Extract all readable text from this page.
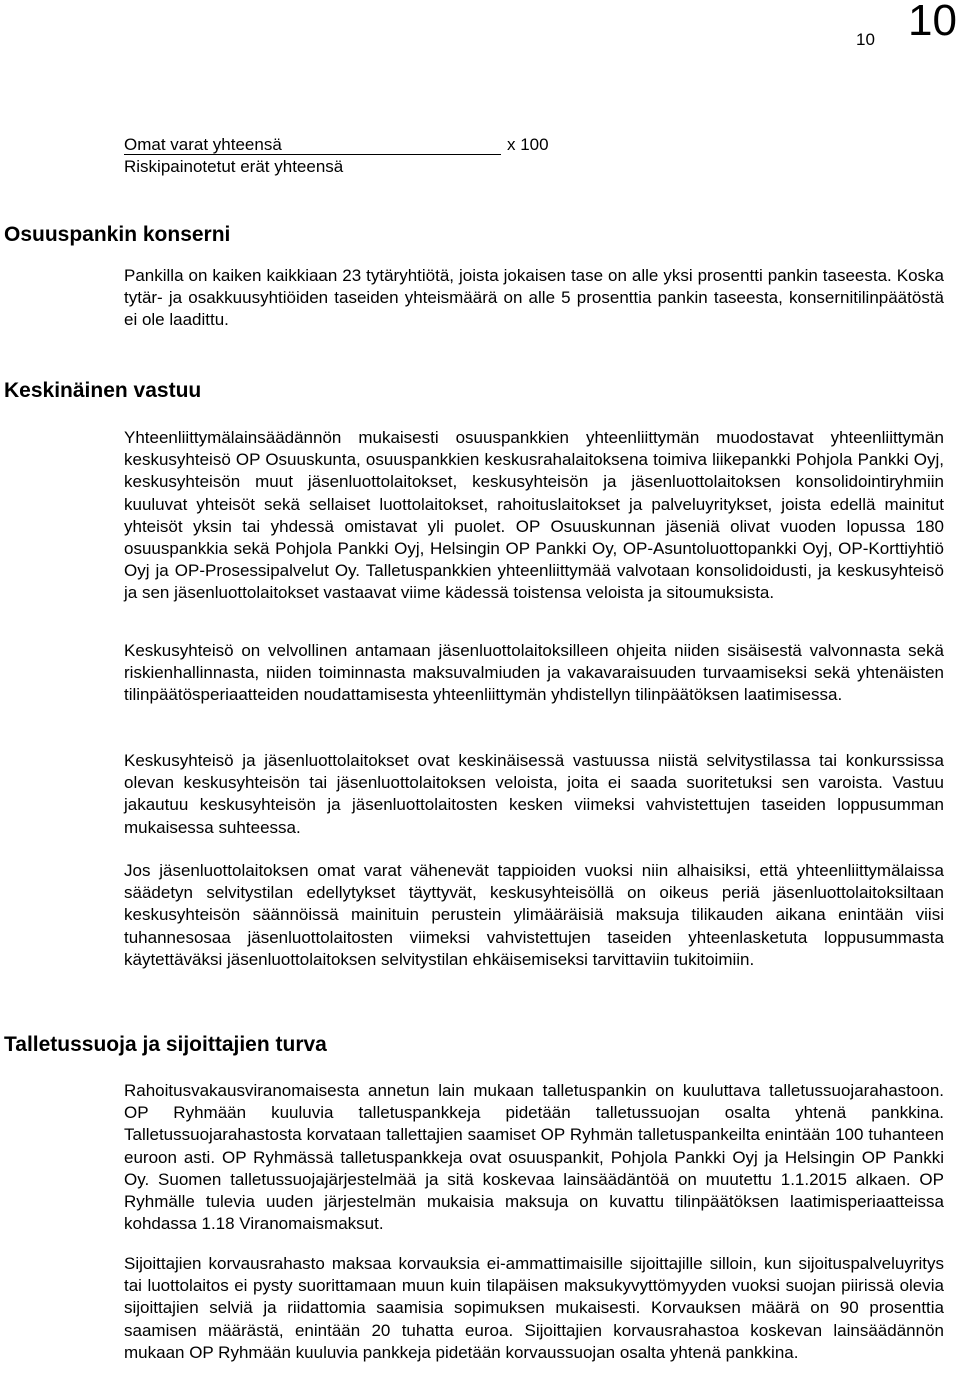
10 10
Omat varat yhteensä	x 100
Riskipainotetut erät yhteensä
Osuuspankin konserni

Pankilla on kaiken kaikkiaan 23 tytäryhtiötä, joista jokaisen tase on alle yksi prosentti pankin taseesta. Koska tytär- ja osakkuusyhtiöiden taseiden yhteismäärä on alle 5 prosenttia pankin taseesta, konsernitilinpäätöstä ei ole laadittu.

Keskinäinen vastuu

Yhteenliittymälainsäädännön mukaisesti osuuspankkien yhteenliittymän muodostavat yhteenliittymän keskusyhteisö OP Osuuskunta, osuuspankkien keskusrahalaitoksena toimiva liikepankki Pohjola Pankki Oyj, keskusyhteisön muut jäsenluottolaitokset, keskusyhteisön ja jäsenluottolaitoksen konsolidointiryhmiin kuuluvat yhteisöt sekä sellaiset luottolaitokset, rahoituslaitokset ja palveluyritykset, joista edellä mainitut yhteisöt yksin tai yhdessä omistavat yli puolet. OP Osuuskunnan jäseniä olivat vuoden lopussa 180 osuuspankkia sekä Pohjola Pankki Oyj, Helsingin OP Pankki Oy, OP-Asuntoluottopankki Oyj, OP-Korttiyhtiö Oyj ja OP-Prosessipalvelut Oy. Talletuspankkien yhteenliittymää valvotaan konsolidoidusti, ja keskusyhteisö ja sen jäsenluottolaitokset vastaavat viime kädessä toistensa veloista ja sitoumuksista.

Keskusyhteisö on velvollinen antamaan jäsenluottolaitoksilleen ohjeita niiden sisäisestä valvonnasta sekä riskienhallinnasta, niiden toiminnasta maksuvalmiuden ja vakavaraisuuden turvaamiseksi sekä yhtenäisten tilinpäätösperiaatteiden noudattamisesta yhteenliittymän yhdistellyn tilinpäätöksen laatimisessa.

Keskusyhteisö ja jäsenluottolaitokset ovat keskinäisessä vastuussa niistä selvitystilassa tai konkurssissa olevan keskusyhteisön tai jäsenluottolaitoksen veloista, joita ei saada suoritetuksi sen varoista. Vastuu jakautuu keskusyhteisön ja jäsenluottolaitosten kesken viimeksi vahvistettujen taseiden loppusumman mukaisessa suhteessa.

Jos jäsenluottolaitoksen omat varat vähenevät tappioiden vuoksi niin alhaisiksi, että yhteenliittymälaissa säädetyn selvitystilan edellytykset täyttyvät, keskusyhteisöllä on oikeus periä jäsenluottolaitoksiltaan keskusyhteisön säännöissä mainituin perustein ylimääräisiä maksuja tilikauden aikana enintään viisi tuhannesosaa jäsenluottolaitosten viimeksi vahvistettujen taseiden yhteenlasketuta loppusummasta käytettäväksi jäsenluottolaitoksen selvitystilan ehkäisemiseksi tarvittaviin tukitoimiin.

Talletussuoja ja sijoittajien turva

Rahoitusvakausviranomaisesta annetun lain mukaan talletuspankin on kuuluttava talletussuojarahastoon. OP Ryhmään kuuluvia talletuspankkeja pidetään talletussuojan osalta yhtenä pankkina. Talletussuojarahastosta korvataan tallettajien saamiset OP Ryhmän talletuspankeilta enintään 100 tuhanteen euroon asti. OP Ryhmässä talletuspankkeja ovat osuuspankit, Pohjola Pankki Oyj ja Helsingin OP Pankki Oy. Suomen talletussuojajärjestelmää ja sitä koskevaa lainsäädäntöä on muutettu 1.1.2015 alkaen. OP Ryhmälle tulevia uuden järjestelmän mukaisia maksuja on kuvattu tilinpäätöksen laatimisperiaatteissa kohdassa 1.18 Viranomaismaksut.

Sijoittajien korvausrahasto maksaa korvauksia ei-ammattimaisille sijoittajille silloin, kun sijoituspalveluyritys tai luottolaitos ei pysty suorittamaan muun kuin tilapäisen maksukyvyttömyyden vuoksi suojan piirissä olevia sijoittajien selviä ja riidattomia saamisia sopimuksen mukaisesti. Korvauksen määrä on 90 prosenttia saamisen määrästä, enintään 20 tuhatta euroa. Sijoittajien korvausrahastoa koskevan lainsäädännön mukaan OP Ryhmään kuuluvia pankkeja pidetään korvaussuojan osalta yhtenä pankkina.
